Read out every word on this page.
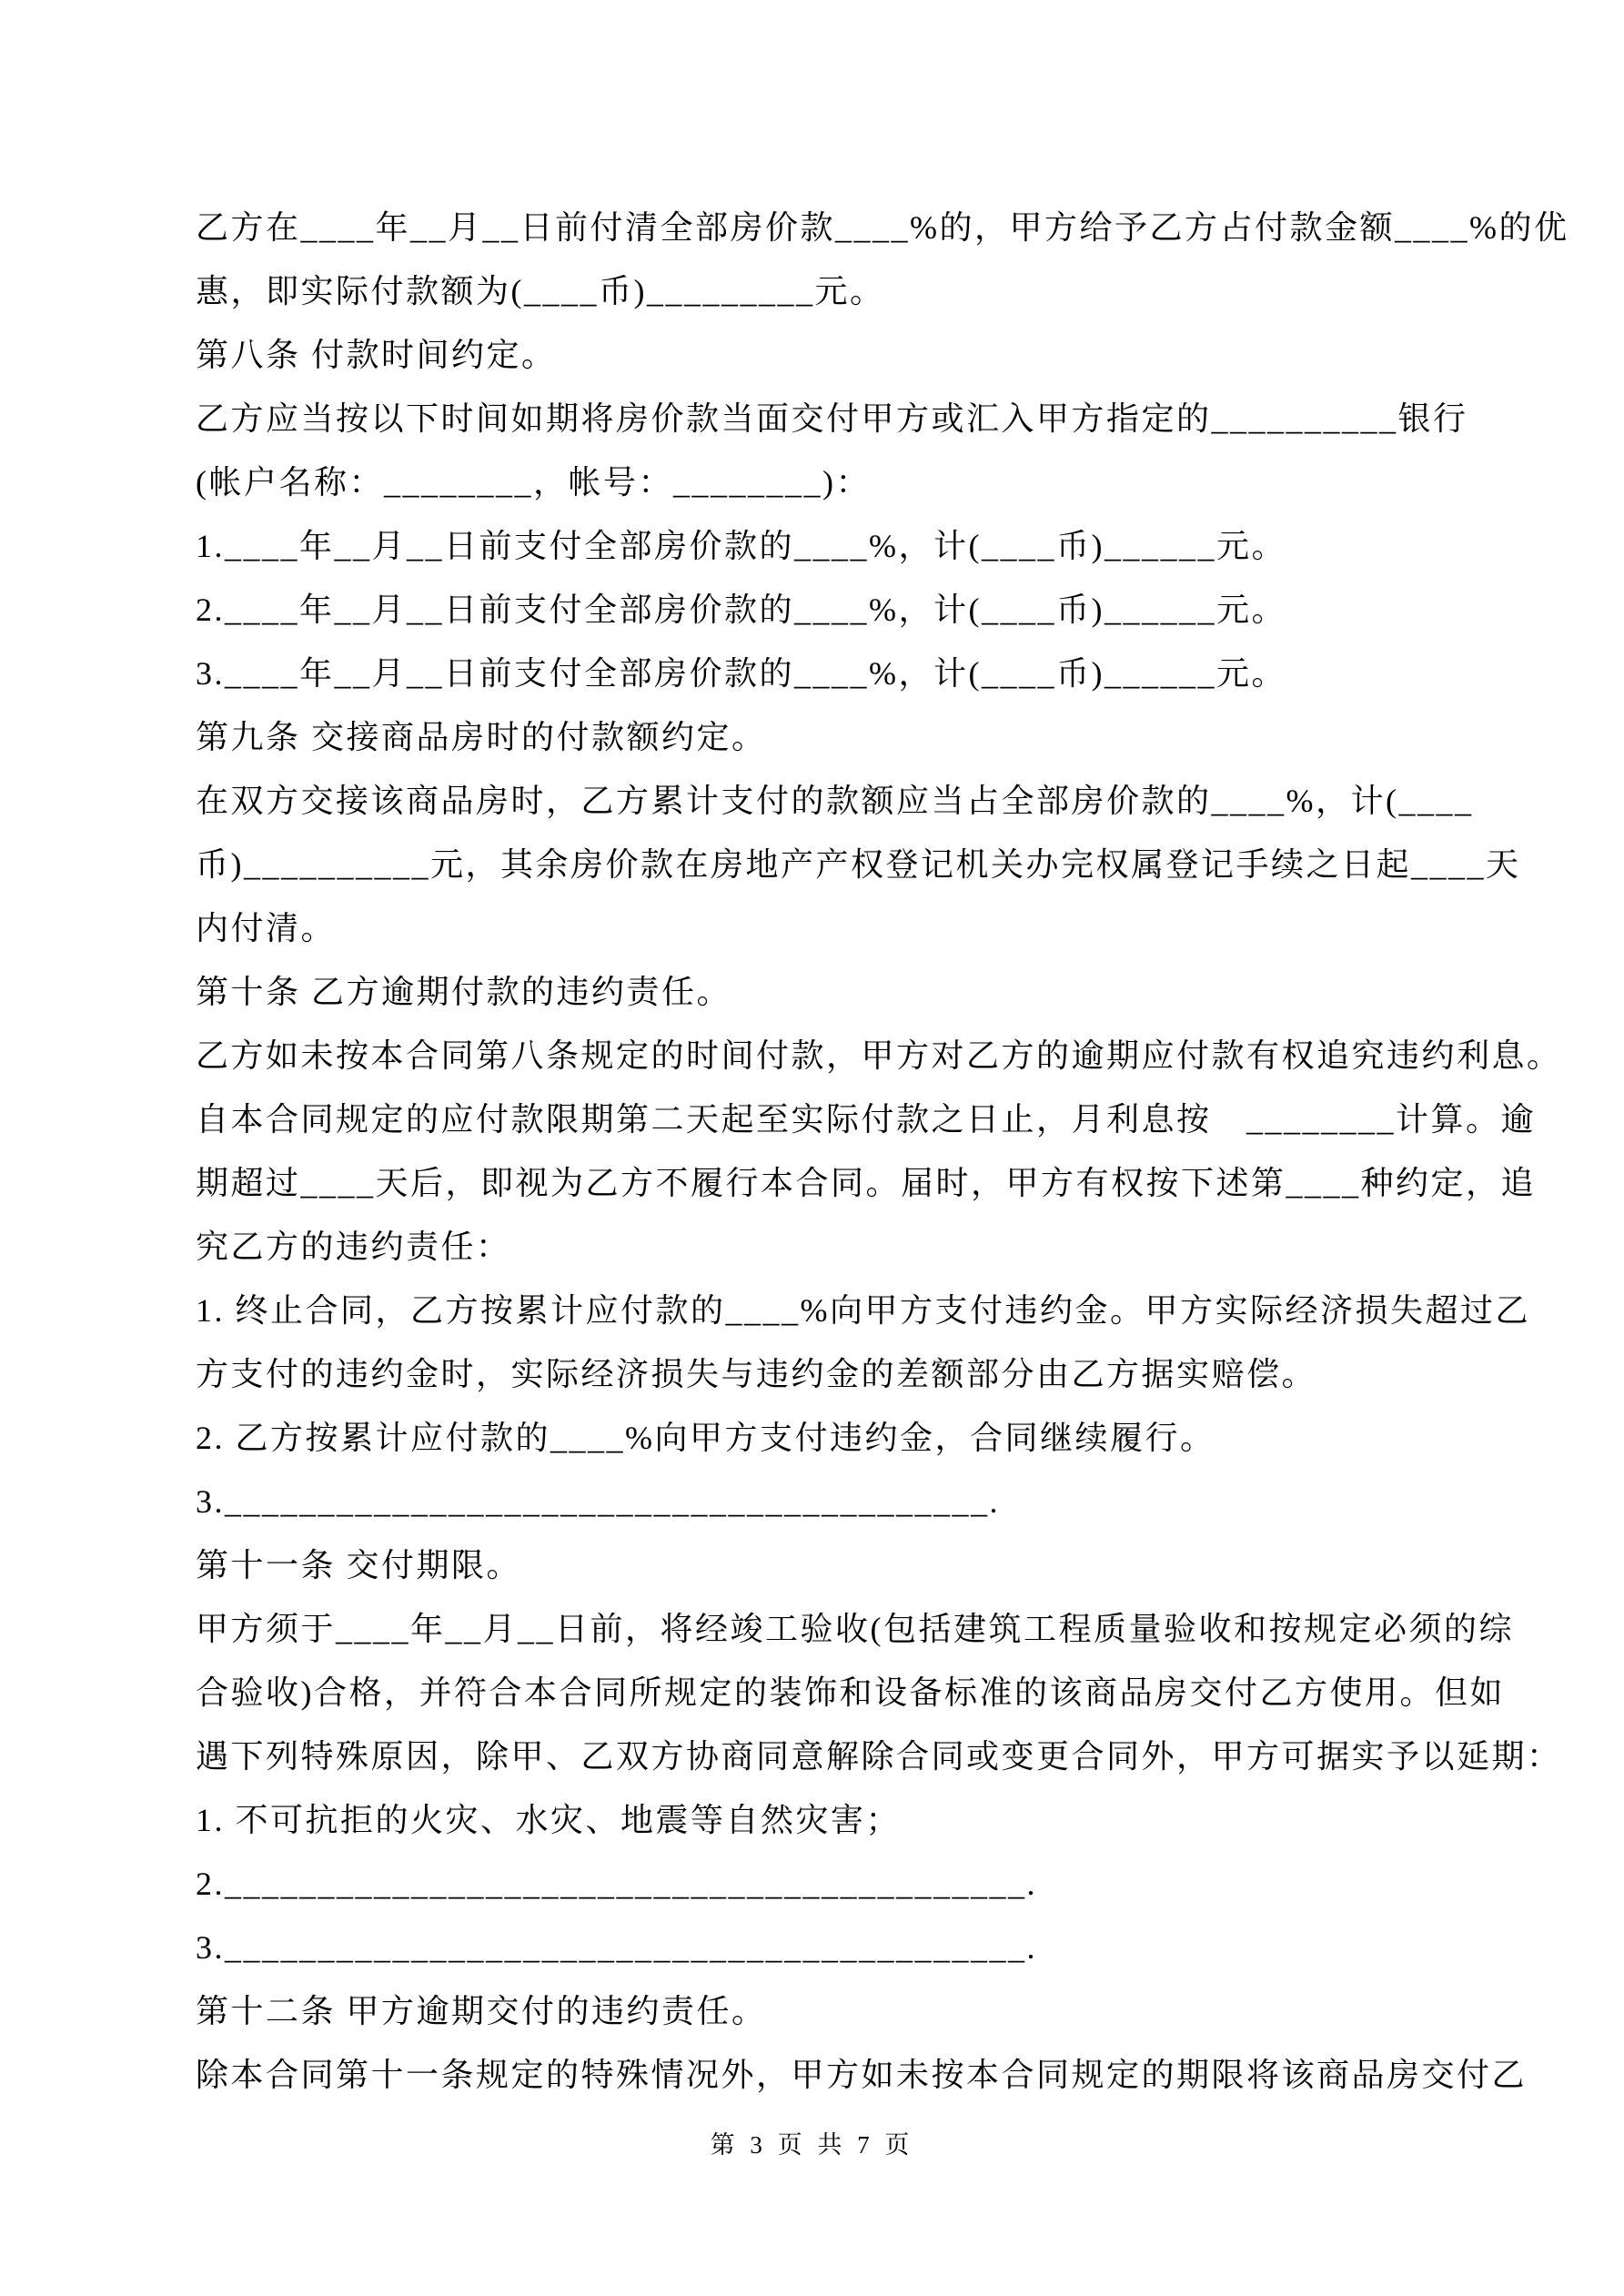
乙方在____年__月__日前付清全部房价款____%的，甲方给予乙方占付款金额____%的优
惠，即实际付款额为(____币)_________元。
第八条 付款时间约定。
乙方应当按以下时间如期将房价款当面交付甲方或汇入甲方指定的__________银行
(帐户名称：________，帐号：________)：
1.____年__月__日前支付全部房价款的____%，计(____币)______元。
2.____年__月__日前支付全部房价款的____%，计(____币)______元。
3.____年__月__日前支付全部房价款的____%，计(____币)______元。
第九条 交接商品房时的付款额约定。
在双方交接该商品房时，乙方累计支付的款额应当占全部房价款的____%，计(____
币)__________元，其余房价款在房地产产权登记机关办完权属登记手续之日起____天
内付清。
第十条 乙方逾期付款的违约责任。
乙方如未按本合同第八条规定的时间付款，甲方对乙方的逾期应付款有权追究违约利息。
自本合同规定的应付款限期第二天起至实际付款之日止，月利息按　________计算。逾
期超过____天后，即视为乙方不履行本合同。届时，甲方有权按下述第____种约定，追
究乙方的违约责任：
1. 终止合同，乙方按累计应付款的____%向甲方支付违约金。甲方实际经济损失超过乙
方支付的违约金时，实际经济损失与违约金的差额部分由乙方据实赔偿。
2. 乙方按累计应付款的____%向甲方支付违约金，合同继续履行。
3._________________________________________.
第十一条 交付期限。
甲方须于____年__月__日前，将经竣工验收(包括建筑工程质量验收和按规定必须的综
合验收)合格，并符合本合同所规定的装饰和设备标准的该商品房交付乙方使用。但如
遇下列特殊原因，除甲、乙双方协商同意解除合同或变更合同外，甲方可据实予以延期：
1. 不可抗拒的火灾、水灾、地震等自然灾害；
2.___________________________________________.
3.___________________________________________.
第十二条 甲方逾期交付的违约责任。
除本合同第十一条规定的特殊情况外，甲方如未按本合同规定的期限将该商品房交付乙
第 3 页 共 7 页
